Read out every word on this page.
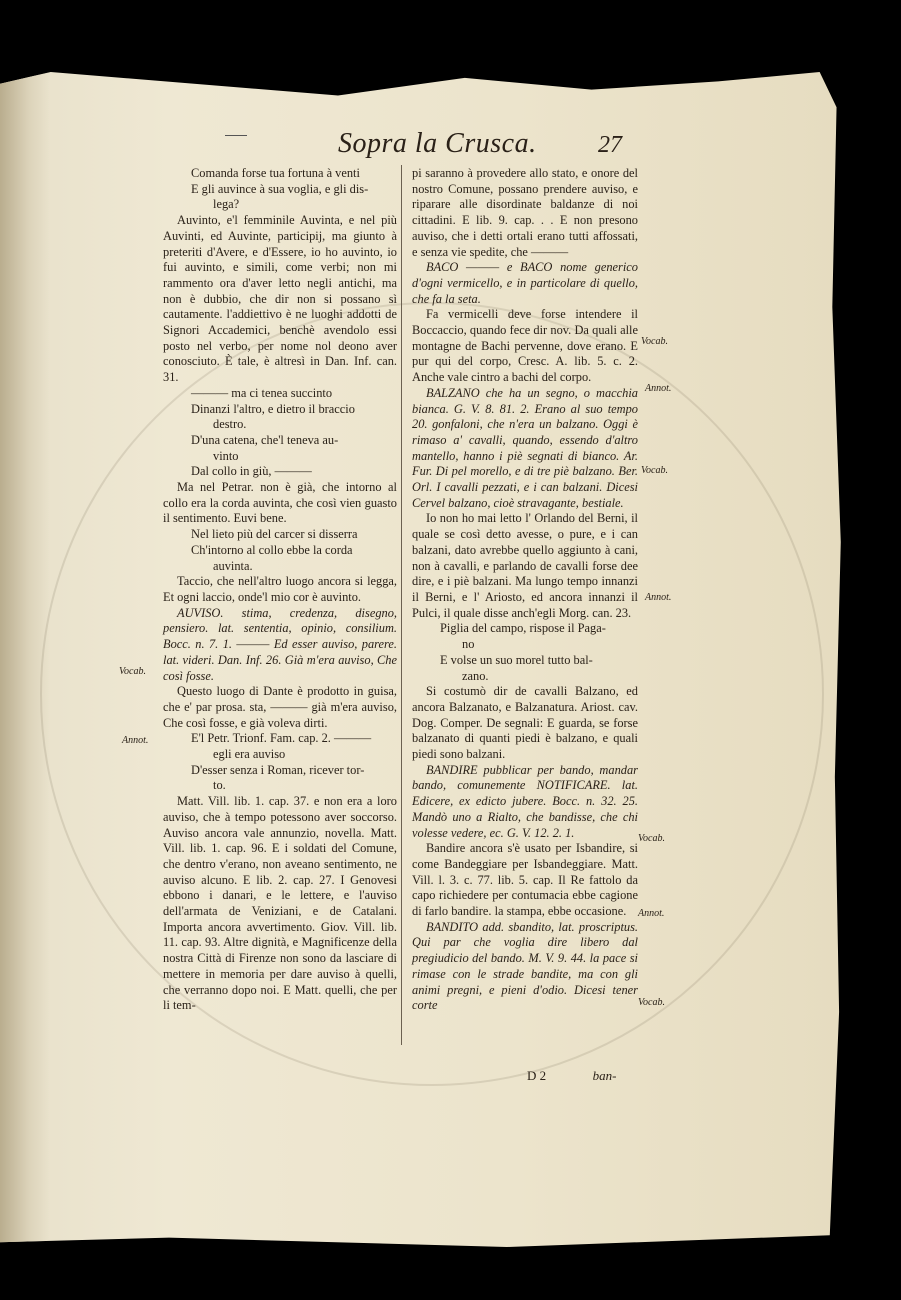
Sopra la Crusca.	27

Comanda forse tua fortuna à venti

E gli auvince à sua voglia, e gli dis-

lega?

Auvinto, e'l femminile Auvinta, e nel più Auvinti, ed Auvinte, participij, ma giunto à preteriti d'Avere, e d'Essere, io ho auvinto, io fui auvinto, e simili, come verbi; non mi rammento ora d'aver letto negli antichi, ma non è dubbio, che dir non si possano sì cautamente. l'addiettivo è ne luoghi addotti de Signori Accademici, benchè avendolo essi posto nel verbo, per nome nol deono aver conosciuto. È tale, è altresì in Dan. Inf. can. 31.

——— ma ci tenea succinto

Dinanzi l'altro, e dietro il braccio

destro.

D'una catena, che'l teneva au-

vinto

Dal collo in giù, ———

Ma nel Petrar. non è già, che intorno al collo era la corda auvinta, che così vien guasto il sentimento. Euvi bene.

Nel lieto più del carcer si disserra

Ch'intorno al collo ebbe la corda

auvinta.

Taccio, che nell'altro luogo ancora si legga, Et ogni laccio, onde'l mio cor è auvinto.

AUVISO. stima, credenza, disegno, pensiero. lat. sententia, opinio, consilium. Bocc. n. 7. 1. ——— Ed esser auviso, parere. lat. videri. Dan. Inf. 26. Già m'era auviso, Che così fosse.

Questo luogo di Dante è prodotto in guisa, che e' par prosa. sta, ——— già m'era auviso, Che così fosse, e già voleva dirti.

E'l Petr. Trionf. Fam. cap. 2. ———

egli era auviso

D'esser senza i Roman, ricever tor-

to.

Matt. Vill. lib. 1. cap. 37. e non era a loro auviso, che à tempo potessono aver soccorso. Auviso ancora vale annunzio, novella. Matt. Vill. lib. 1. cap. 96. E i soldati del Comune, che dentro v'erano, non aveano sentimento, ne auviso alcuno. E lib. 2. cap. 27. I Genovesi ebbono i danari, e le lettere, e l'auviso dell'armata de Veniziani, e de Catalani. Importa ancora avvertimento. Giov. Vill. lib. 11. cap. 93. Altre dignità, e Magnificenze della nostra Città di Firenze non sono da lasciare di mettere in memoria per dare auviso à quelli, che verranno dopo noi. E Matt. quelli, che per li tem-

pi saranno à provedere allo stato, e onore del nostro Comune, possano prendere auviso, e riparare alle disordinate baldanze di noi cittadini. E lib. 9. cap. . . E non presono auviso, che i detti ortali erano tutti affossati, e senza vie spedite, che ———

BACO ——— e BACO nome generico d'ogni vermicello, e in particolare di quello, che fa la seta.

Fa vermicelli deve forse intendere il Boccaccio, quando fece dir nov. Da quali alle montagne de Bachi pervenne, dove erano. E pur qui del corpo, Cresc. A. lib. 5. c. 2. Anche vale cintro a bachi del corpo.

BALZANO che ha un segno, o macchia bianca. G. V. 8. 81. 2. Erano al suo tempo 20. gonfaloni, che n'era un balzano. Oggi è rimaso a' cavalli, quando, essendo d'altro mantello, hanno i piè segnati di bianco. Ar. Fur. Di pel morello, e di tre piè balzano. Ber. Orl. I cavalli pezzati, e i can balzani. Dicesi Cervel balzano, cioè stravagante, bestiale.

Io non ho mai letto l' Orlando del Berni, il quale se così detto avesse, o pure, e i can balzani, dato avrebbe quello aggiunto à cani, non à cavalli, e parlando de cavalli forse dee dire, e i piè balzani. Ma lungo tempo innanzi il Berni, e l' Ariosto, ed ancora innanzi il Pulci, il quale disse anch'egli Morg. can. 23.

Piglia del campo, rispose il Paga-

no

E volse un suo morel tutto bal-

zano.

Si costumò dir de cavalli Balzano, ed ancora Balzanato, e Balzanatura. Ariost. cav. Dog. Comper. De segnali: E guarda, se forse balzanato di quanti piedi è balzano, e quali piedi sono balzani.

BANDIRE pubblicar per bando, mandar bando, comunemente NOTIFICARE. lat. Edicere, ex edicto jubere. Bocc. n. 32. 25. Mandò uno a Rialto, che bandisse, che chi volesse vedere, ec. G. V. 12. 2. 1.

Bandire ancora s'è usato per Isbandire, si come Bandeggiare per Isbandeggiare. Matt. Vill. l. 3. c. 77. lib. 5. cap. Il Re fattolo da capo richiedere per contumacia ebbe cagione di farlo bandire. la stampa, ebbe occasione.

BANDITO add. sbandito, lat. proscriptus. Qui par che voglia dire libero dal pregiudicio del bando. M. V. 9. 44. la pace si rimase con le strade bandite, ma con gli animi pregni, e pieni d'odio. Dicesi tener corte

Vocab.
Annot.
Vocab.
Annot.
Vocab.
Annot.
Vocab.
Annot.
Vocab.
D 2	ban-
